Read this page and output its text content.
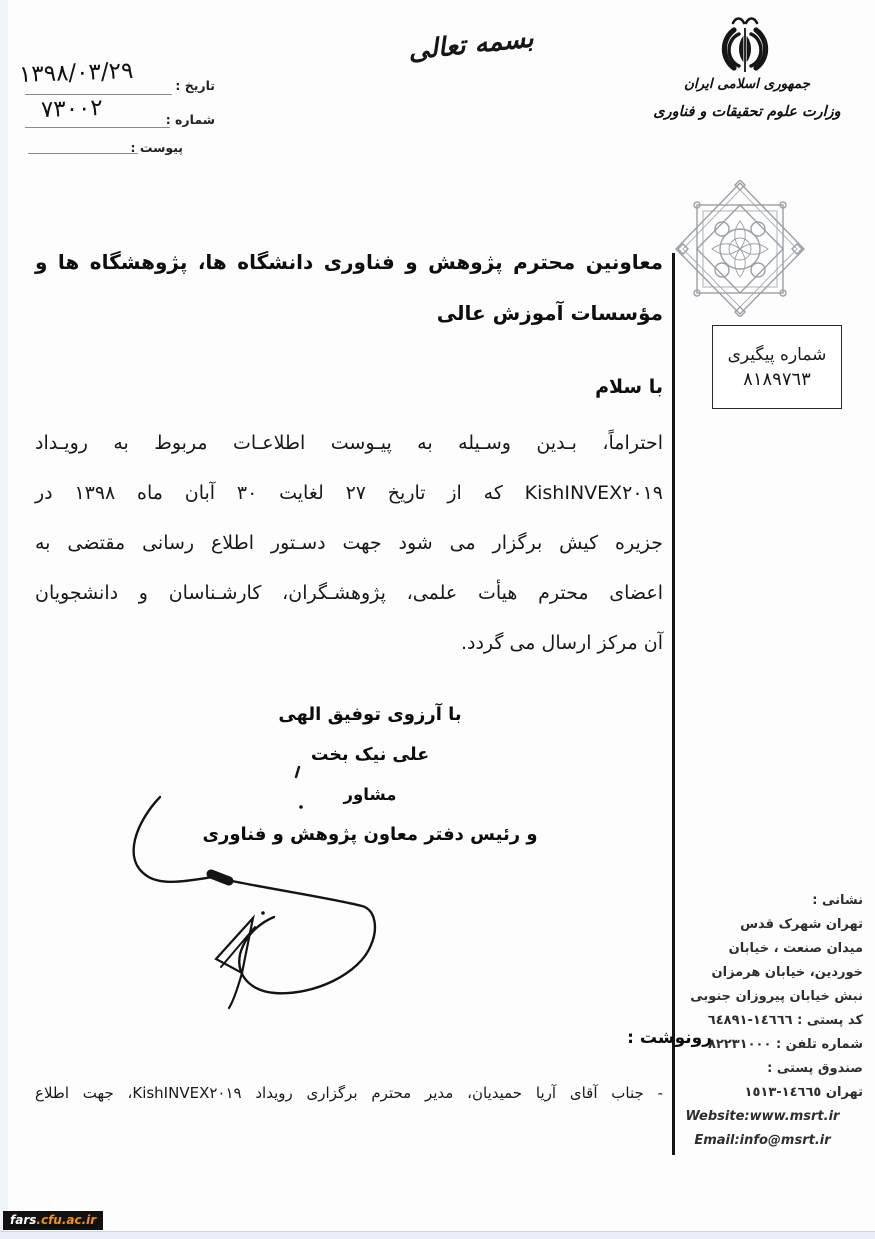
١٣٩٨/٠٣/٢٩	تاریخ :
٧٣٠٠٢	شماره :
پیوست :
بسمه تعالی
جمهوری اسلامی ایران
وزارت علوم تحقیقات و فناوری
شماره پیگیری
٨١٨٩٧٦٣
معاونین محترم پژوهش و فناوری دانشگاه ها، پژوهشگاه ها و
مؤسسات آموزش عالی
با سلام
احتراماً، بـدین وسـیله به پیـوست اطلاعـات مربوط به رویـداد
KishINVEX٢٠١٩ که از تاریخ ٢٧ لغایت ٣٠ آبان ماه ١٣٩٨ در
جزیره کیش برگزار می شود جهت دسـتور اطلاع رسانی مقتضی به
اعضای محترم هیأت علمی، پژوهشـگران، کارشـناسان و دانشجویان
آن مرکز ارسال می گردد.
با آرزوی توفیق الهی
علی نیک بخت
مشاور
و رئیس دفتر معاون پژوهش و فناوری
رونوشت :
- جناب آقای آریا حمیدیان، مدیر محترم برگزاری رویداد KishINVEX٢٠١٩، جهت اطلاع
نشانی :
تهران شهرک قدس
میدان صنعت ، خیابان
خوردین، خیابان هرمزان
نبش خیابان پیروزان جنوبی
کد پستی : ١٤٦٦٦-٦٤٨٩١
شماره تلفن : ٨٢٢٣١٠٠٠
صندوق پستی :
تهران ١٤٦٦٥-١٥١٣
Website:www.msrt.ir
Email:info@msrt.ir
fars.cfu.ac.ir
